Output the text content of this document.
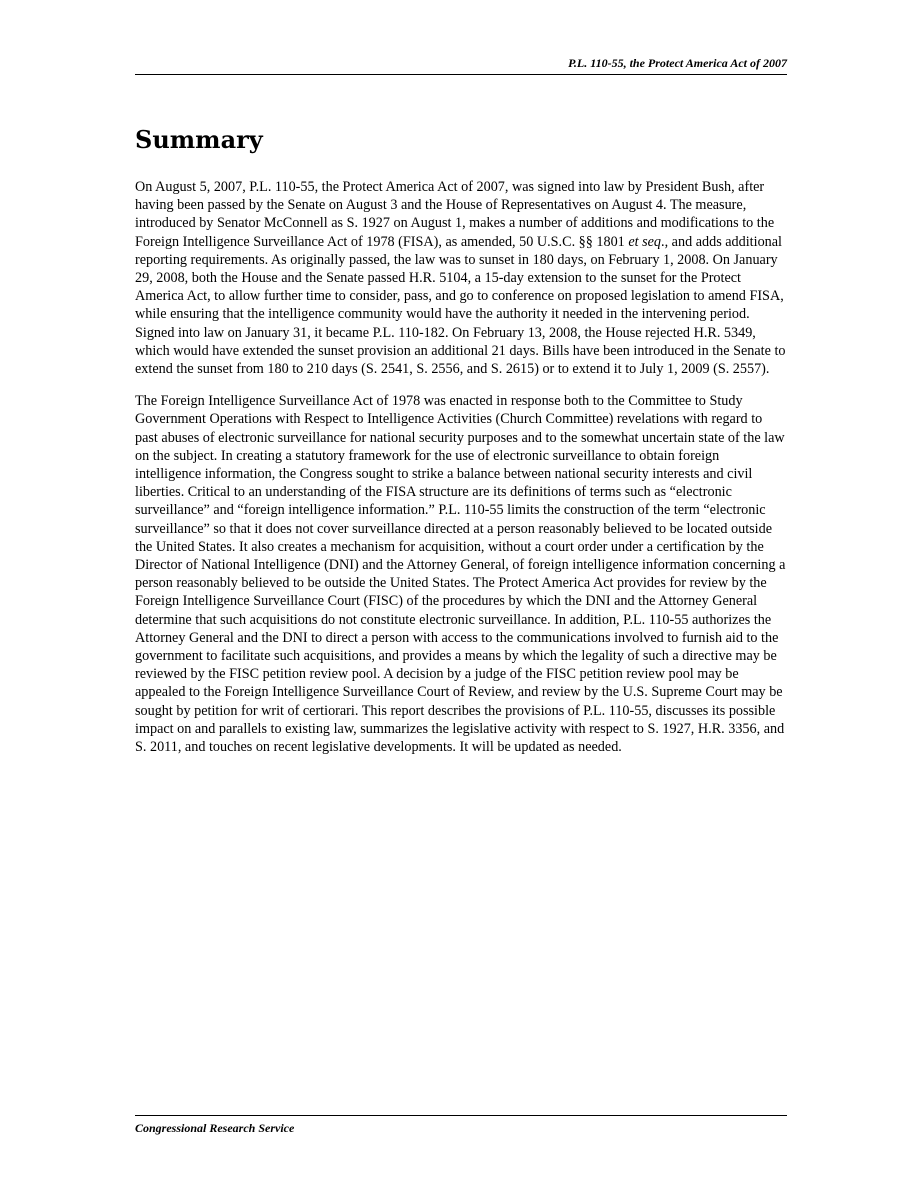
P.L. 110-55, the Protect America Act of 2007
Summary

On August 5, 2007, P.L. 110-55, the Protect America Act of 2007, was signed into law by President Bush, after having been passed by the Senate on August 3 and the House of Representatives on August 4. The measure, introduced by Senator McConnell as S. 1927 on August 1, makes a number of additions and modifications to the Foreign Intelligence Surveillance Act of 1978 (FISA), as amended, 50 U.S.C. §§ 1801 et seq., and adds additional reporting requirements. As originally passed, the law was to sunset in 180 days, on February 1, 2008. On January 29, 2008, both the House and the Senate passed H.R. 5104, a 15-day extension to the sunset for the Protect America Act, to allow further time to consider, pass, and go to conference on proposed legislation to amend FISA, while ensuring that the intelligence community would have the authority it needed in the intervening period. Signed into law on January 31, it became P.L. 110-182. On February 13, 2008, the House rejected H.R. 5349, which would have extended the sunset provision an additional 21 days. Bills have been introduced in the Senate to extend the sunset from 180 to 210 days (S. 2541, S. 2556, and S. 2615) or to extend it to July 1, 2009 (S. 2557).

The Foreign Intelligence Surveillance Act of 1978 was enacted in response both to the Committee to Study Government Operations with Respect to Intelligence Activities (Church Committee) revelations with regard to past abuses of electronic surveillance for national security purposes and to the somewhat uncertain state of the law on the subject. In creating a statutory framework for the use of electronic surveillance to obtain foreign intelligence information, the Congress sought to strike a balance between national security interests and civil liberties. Critical to an understanding of the FISA structure are its definitions of terms such as “electronic surveillance” and “foreign intelligence information.” P.L. 110-55 limits the construction of the term “electronic surveillance” so that it does not cover surveillance directed at a person reasonably believed to be located outside the United States. It also creates a mechanism for acquisition, without a court order under a certification by the Director of National Intelligence (DNI) and the Attorney General, of foreign intelligence information concerning a person reasonably believed to be outside the United States. The Protect America Act provides for review by the Foreign Intelligence Surveillance Court (FISC) of the procedures by which the DNI and the Attorney General determine that such acquisitions do not constitute electronic surveillance. In addition, P.L. 110-55 authorizes the Attorney General and the DNI to direct a person with access to the communications involved to furnish aid to the government to facilitate such acquisitions, and provides a means by which the legality of such a directive may be reviewed by the FISC petition review pool. A decision by a judge of the FISC petition review pool may be appealed to the Foreign Intelligence Surveillance Court of Review, and review by the U.S. Supreme Court may be sought by petition for writ of certiorari. This report describes the provisions of P.L. 110-55, discusses its possible impact on and parallels to existing law, summarizes the legislative activity with respect to S. 1927, H.R. 3356, and S. 2011, and touches on recent legislative developments. It will be updated as needed.

Congressional Research Service
